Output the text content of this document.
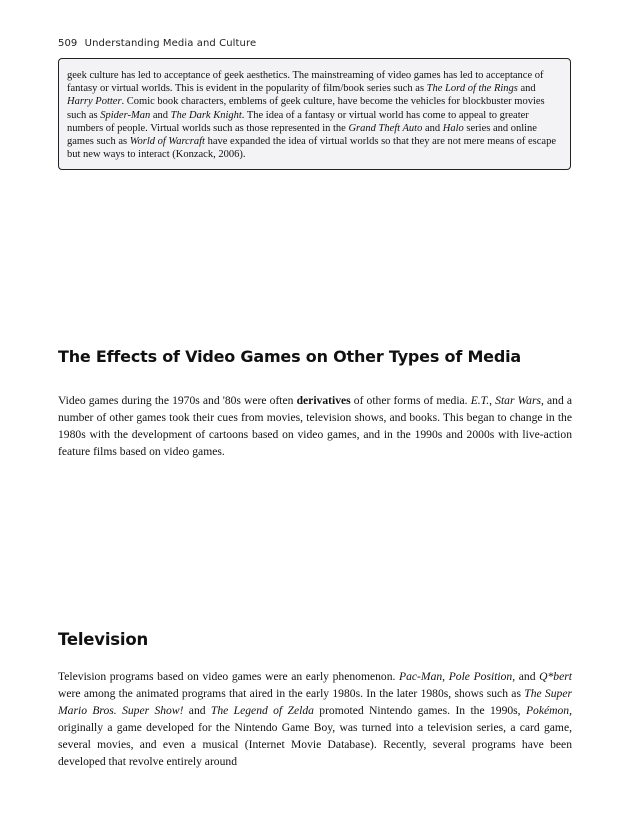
509 Understanding Media and Culture
geek culture has led to acceptance of geek aesthetics. The mainstreaming of video games has led to acceptance of fantasy or virtual worlds. This is evident in the popularity of film/book series such as The Lord of the Rings and Harry Potter. Comic book characters, emblems of geek culture, have become the vehicles for blockbuster movies such as Spider-Man and The Dark Knight. The idea of a fantasy or virtual world has come to appeal to greater numbers of people. Virtual worlds such as those represented in the Grand Theft Auto and Halo series and online games such as World of Warcraft have expanded the idea of virtual worlds so that they are not mere means of escape but new ways to interact (Konzack, 2006).
The Effects of Video Games on Other Types of Media

Video games during the 1970s and '80s were often derivatives of other forms of media. E.T., Star Wars, and a number of other games took their cues from movies, television shows, and books. This began to change in the 1980s with the development of cartoons based on video games, and in the 1990s and 2000s with live-action feature films based on video games.

Television

Television programs based on video games were an early phenomenon. Pac-Man, Pole Position, and Q*bert were among the animated programs that aired in the early 1980s. In the later 1980s, shows such as The Super Mario Bros. Super Show! and The Legend of Zelda promoted Nintendo games. In the 1990s, Pokémon, originally a game developed for the Nintendo Game Boy, was turned into a television series, a card game, several movies, and even a musical (Internet Movie Database). Recently, several programs have been developed that revolve entirely around
